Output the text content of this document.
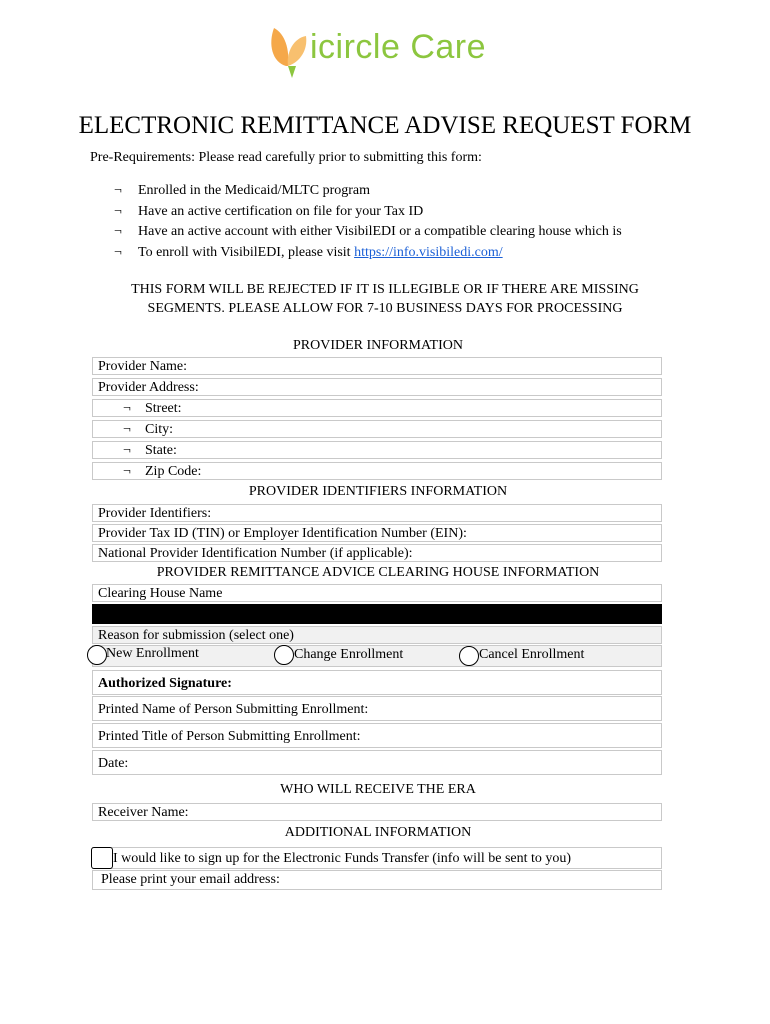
icircle Care
ELECTRONIC REMITTANCE ADVISE REQUEST FORM
Pre-Requirements: Please read carefully prior to submitting this form:
¬	Enrolled in the Medicaid/MLTC program
¬	Have an active certification on file for your Tax ID
¬	Have an active account with either VisibilEDI or a compatible clearing house which is
¬	To enroll with VisibilEDI, please visit https://info.visibiledi.com/
THIS FORM WILL BE REJECTED IF IT IS ILLEGIBLE OR IF THERE ARE MISSING
SEGMENTS. PLEASE ALLOW FOR 7-10 BUSINESS DAYS FOR PROCESSING
PROVIDER INFORMATION
Provider Name:
Provider Address:
¬ Street:
¬ City:
¬ State:
¬ Zip Code:
PROVIDER IDENTIFIERS INFORMATION
Provider Identifiers:
Provider Tax ID (TIN) or Employer Identification Number (EIN):
National Provider Identification Number (if applicable):
PROVIDER REMITTANCE ADVICE CLEARING HOUSE INFORMATION
Clearing House Name
Reason for submission (select one)
New Enrollment	Change Enrollment	Cancel Enrollment
Authorized Signature:
Printed Name of Person Submitting Enrollment:
Printed Title of Person Submitting Enrollment:
Date:
WHO WILL RECEIVE THE ERA
Receiver Name:
ADDITIONAL INFORMATION
I would like to sign up for the Electronic Funds Transfer (info will be sent to you)
Please print your email address:
